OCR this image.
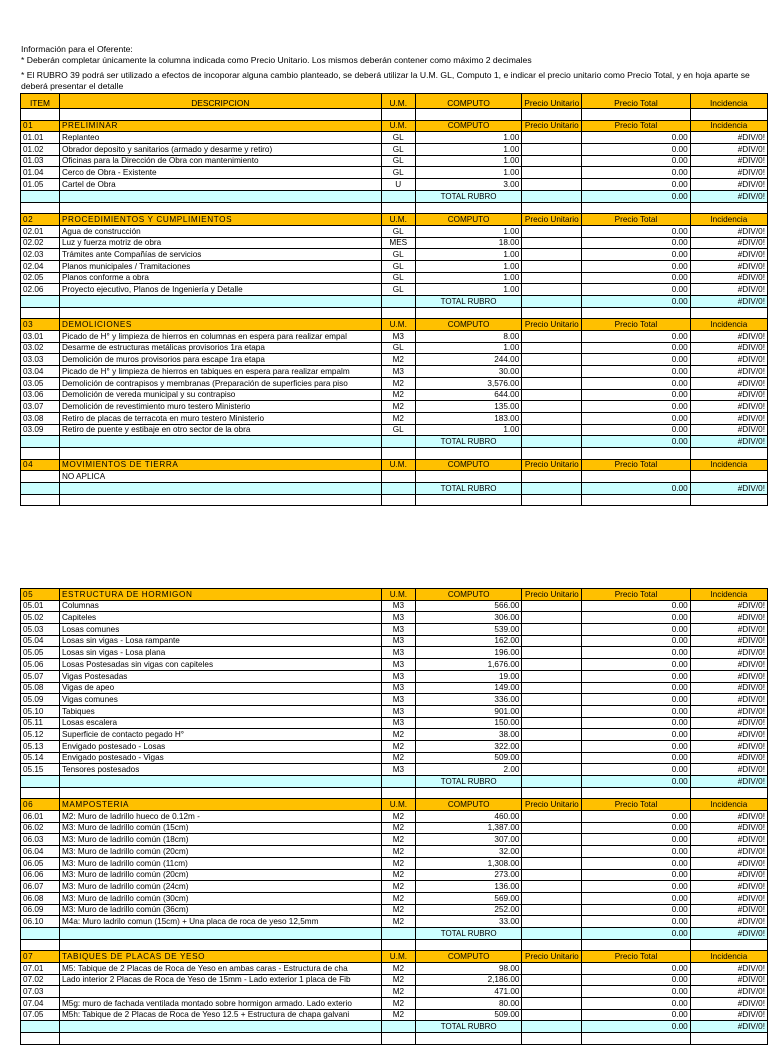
Información para el Oferente:

* Deberán completar únicamente la columna indicada como Precio Unitario. Los mismos deberán contener como máximo 2 decimales

* El RUBRO 39 podrá ser utilizado a efectos de incoporar alguna cambio planteado, se deberá utilizar la U.M. GL, Computo 1, e indicar el precio unitario como Precio Total, y en hoja aparte se deberá presentar el detalle

ITEM	DESCRIPCION	U.M.	COMPUTO	Precio Unitario	Precio Total	Incidencia

01	PRELIMINAR	U.M.	COMPUTO	Precio Unitario	Precio Total	Incidencia
01.01	Replanteo	GL	1.00		0.00	#DIV/0!
01.02	Obrador deposito y sanitarios (armado y desarme y retiro)	GL	1.00		0.00	#DIV/0!
01.03	Oficinas para la Dirección de Obra con mantenimiento	GL	1.00		0.00	#DIV/0!
01.04	Cerco de Obra - Existente	GL	1.00		0.00	#DIV/0!
01.05	Cartel de Obra	U	3.00		0.00	#DIV/0!
			TOTAL RUBRO		0.00	#DIV/0!

02	PROCEDIMIENTOS Y CUMPLIMIENTOS	U.M.	COMPUTO	Precio Unitario	Precio Total	Incidencia
02.01	Agua de construcción	GL	1.00		0.00	#DIV/0!
02.02	Luz y fuerza motriz de obra	MES	18.00		0.00	#DIV/0!
02.03	Trámites ante Compañías de servicios	GL	1.00		0.00	#DIV/0!
02.04	Planos municipales / Tramitaciones	GL	1.00		0.00	#DIV/0!
02.05	Planos conforme a obra	GL	1.00		0.00	#DIV/0!
02.06	Proyecto ejecutivo, Planos de Ingeniería y Detalle	GL	1.00		0.00	#DIV/0!
			TOTAL RUBRO		0.00	#DIV/0!

03	DEMOLICIONES	U.M.	COMPUTO	Precio Unitario	Precio Total	Incidencia
03.01	Picado de H° y limpieza de hierros en columnas en espera para realizar empal	M3	8.00		0.00	#DIV/0!
03.02	Desarme de estructuras metálicas provisorios 1ra etapa	GL	1.00		0.00	#DIV/0!
03.03	Demolición de muros provisorios para escape 1ra etapa	M2	244.00		0.00	#DIV/0!
03.04	Picado de H° y limpieza de hierros en tabiques en espera para realizar empalm	M3	30.00		0.00	#DIV/0!
03.05	Demolición de contrapisos y membranas (Preparación de superficies para piso	M2	3,576.00		0.00	#DIV/0!
03.06	Demolición de vereda municipal y su contrapiso	M2	644.00		0.00	#DIV/0!
03.07	Demolición de revestimiento muro testero Ministerio	M2	135.00		0.00	#DIV/0!
03.08	Retiro de placas de terracota en muro testero Ministerio	M2	183.00		0.00	#DIV/0!
03.09	Retiro de puente y estibaje en otro sector de la obra	GL	1.00		0.00	#DIV/0!
			TOTAL RUBRO		0.00	#DIV/0!

04	MOVIMIENTOS DE TIERRA	U.M.	COMPUTO	Precio Unitario	Precio Total	Incidencia
	NO APLICA					
			TOTAL RUBRO		0.00	#DIV/0!

05	ESTRUCTURA DE HORMIGON	U.M.	COMPUTO	Precio Unitario	Precio Total	Incidencia
05.01	Columnas	M3	566.00		0.00	#DIV/0!
05.02	Capiteles	M3	306.00		0.00	#DIV/0!
05.03	Losas comunes	M3	539.00		0.00	#DIV/0!
05.04	Losas sin vigas - Losa rampante	M3	162.00		0.00	#DIV/0!
05.05	Losas sin vigas - Losa plana	M3	196.00		0.00	#DIV/0!
05.06	Losas Postesadas sin vigas con capiteles	M3	1,676.00		0.00	#DIV/0!
05.07	Vigas Postesadas	M3	19.00		0.00	#DIV/0!
05.08	Vigas de apeo	M3	149.00		0.00	#DIV/0!
05.09	Vigas comunes	M3	336.00		0.00	#DIV/0!
05.10	Tabiques	M3	901.00		0.00	#DIV/0!
05.11	Losas escalera	M3	150.00		0.00	#DIV/0!
05.12	Superficie de contacto pegado H°	M2	38.00		0.00	#DIV/0!
05.13	Envigado postesado - Losas	M2	322.00		0.00	#DIV/0!
05.14	Envigado postesado - Vigas	M2	509.00		0.00	#DIV/0!
05.15	Tensores postesados	M3	2.00		0.00	#DIV/0!
			TOTAL RUBRO		0.00	#DIV/0!

06	MAMPOSTERIA	U.M.	COMPUTO	Precio Unitario	Precio Total	Incidencia
06.01	M2: Muro de ladrillo hueco de 0.12m -	M2	460.00		0.00	#DIV/0!
06.02	M3: Muro de ladrillo común (15cm)	M2	1,387.00		0.00	#DIV/0!
06.03	M3: Muro de ladrillo común (18cm)	M2	307.00		0.00	#DIV/0!
06.04	M3: Muro de ladrillo común (20cm)	M2	32.00		0.00	#DIV/0!
06.05	M3: Muro de ladrillo común (11cm)	M2	1,308.00		0.00	#DIV/0!
06.06	M3: Muro de ladrillo común (20cm)	M2	273.00		0.00	#DIV/0!
06.07	M3: Muro de ladrillo común (24cm)	M2	136.00		0.00	#DIV/0!
06.08	M3: Muro de ladrillo común (30cm)	M2	569.00		0.00	#DIV/0!
06.09	M3: Muro de ladrillo común (36cm)	M2	252.00		0.00	#DIV/0!
06.10	M4a: Muro ladrilo comun (15cm) + Una placa de roca de yeso 12,5mm	M2	33.00		0.00	#DIV/0!
			TOTAL RUBRO		0.00	#DIV/0!

07	TABIQUES DE PLACAS DE YESO	U.M.	COMPUTO	Precio Unitario	Precio Total	Incidencia
07.01	M5: Tabique de 2 Placas de Roca de Yeso en ambas caras - Estructura de cha	M2	98.00		0.00	#DIV/0!
07.02	Lado interior 2 Placas de Roca de Yeso de 15mm - Lado exterior 1 placa de Fib	M2	2,186.00		0.00	#DIV/0!
07.03		M2	471.00		0.00	#DIV/0!
07.04	M5g: muro de fachada ventilada montado sobre hormigon armado. Lado exterio	M2	80.00		0.00	#DIV/0!
07.05	M5h: Tabique de 2 Placas de Roca de Yeso 12.5 + Estructura de chapa galvani	M2	509.00		0.00	#DIV/0!
			TOTAL RUBRO		0.00	#DIV/0!
